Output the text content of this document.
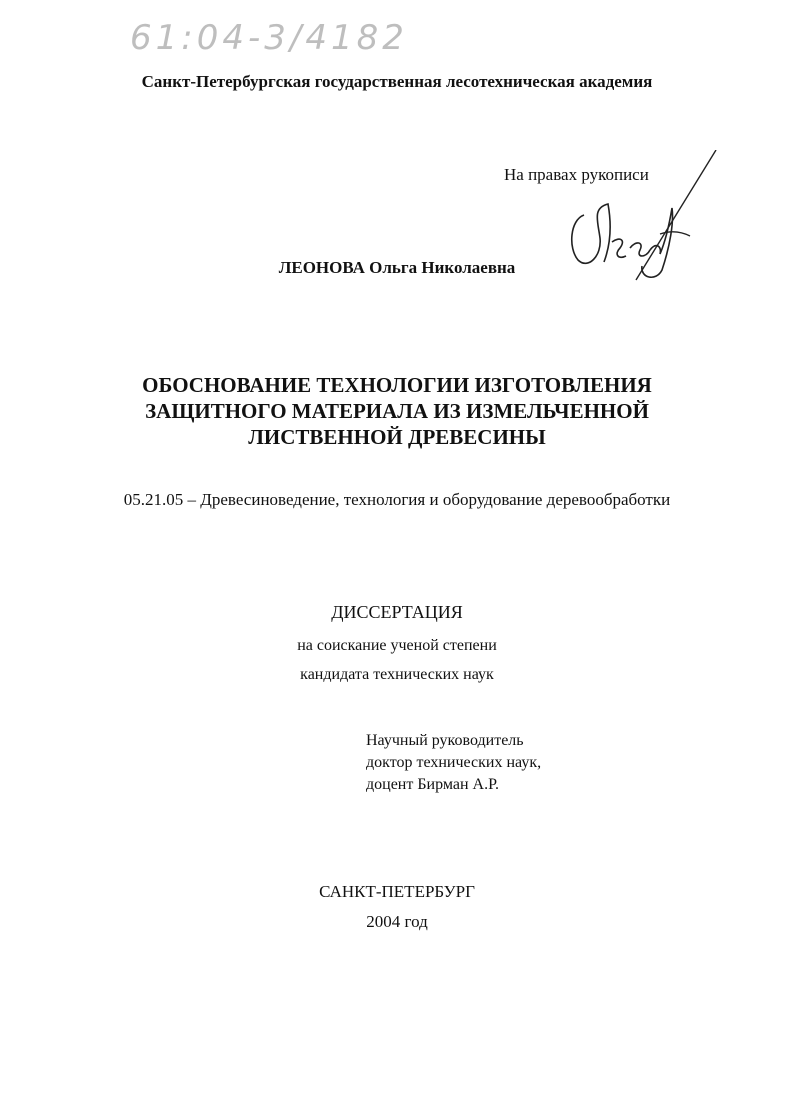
61:04-3/4182
Санкт-Петербургская государственная лесотехническая академия
На правах рукописи
ЛЕОНОВА Ольга Николаевна
ОБОСНОВАНИЕ ТЕХНОЛОГИИ ИЗГОТОВЛЕНИЯ
ЗАЩИТНОГО МАТЕРИАЛА ИЗ ИЗМЕЛЬЧЕННОЙ
ЛИСТВЕННОЙ ДРЕВЕСИНЫ
05.21.05 – Древесиноведение, технология и оборудование деревообработки
ДИССЕРТАЦИЯ
на соискание ученой степени
кандидата технических наук
Научный руководитель
доктор технических наук,
доцент Бирман А.Р.
САНКТ-ПЕТЕРБУРГ
2004 год
